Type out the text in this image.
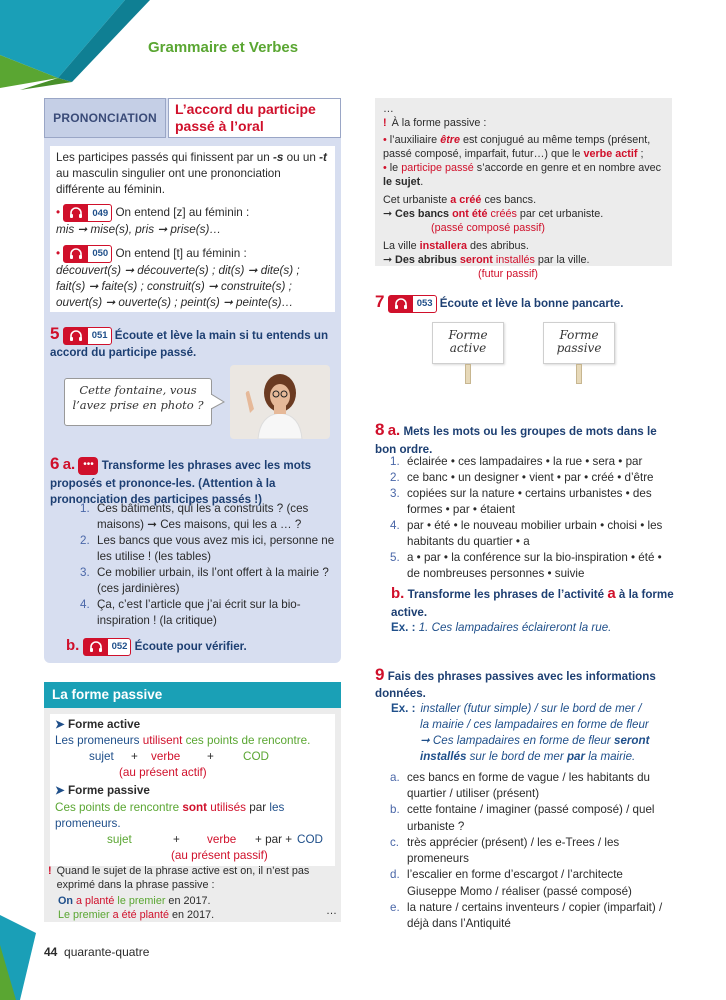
Grammaire et Verbes
PRONONCIATION
L’accord du participe passé à l’oral
Les participes passés qui finissent par un -s ou un -t au masculin singulier ont une prononciation différente au féminin.
•	049 On entend [z] au féminin :
mis ➞ mise(s), pris ➞ prise(s)…
•	050 On entend [t] au féminin :
découvert(s) ➞ découverte(s) ; dit(s) ➞ dite(s) ;
fait(s) ➞ faite(s) ; construit(s) ➞ construite(s) ;
ouvert(s) ➞ ouverte(s) ; peint(s) ➞ peinte(s)…
5	051 Écoute et lève la main si tu entends un accord du participe passé.
Cette fontaine, vous l’avez prise en photo ?
6 a. ••• Transforme les phrases avec les mots proposés et prononce-les. (Attention à la prononciation des participes passés !)
1. Ces bâtiments, qui les a construits ? (ces maisons) ➞ Ces maisons, qui les a … ?
2. Les bancs que vous avez mis ici, personne ne les utilise ! (les tables)
3. Ce mobilier urbain, ils l’ont offert à la mairie ? (ces jardinières)
4. Ça, c’est l’article que j’ai écrit sur la bio-inspiration ! (la critique)
b.	052 Écoute pour vérifier.
La forme passive
➤ Forme active
Les promeneurs utilisent ces points de rencontre.
sujet + verbe + COD
(au présent actif)
➤ Forme passive
Ces points de rencontre sont utilisés par les promeneurs.
sujet	+ verbe + par + COD
(au présent passif)
! Quand le sujet de la phrase active est on, il n’est pas exprimé dans la phrase passive :
On a planté le premier en 2017.
Le premier a été planté en 2017.	…
44 quarante-quatre
…
! À la forme passive :
• l’auxiliaire être est conjugué au même temps (présent, passé composé, imparfait, futur…) que le verbe actif ;
• le participe passé s’accorde en genre et en nombre avec le sujet.
Cet urbaniste a créé ces bancs.
➞ Ces bancs ont été créés par cet urbaniste.
(passé composé passif)
La ville installera des abribus.
➞ Des abribus seront installés par la ville.
(futur passif)
7	053 Écoute et lève la bonne pancarte.
Forme active
Forme passive
8 a. Mets les mots ou les groupes de mots dans le bon ordre.
1. éclairée • ces lampadaires • la rue • sera • par
2. ce banc • un designer • vient • par • créé • d’être
3. copiées sur la nature • certains urbanistes • des formes • par • étaient
4. par • été • le nouveau mobilier urbain • choisi • les habitants du quartier • a
5. a • par • la conférence sur la bio-inspiration • été • de nombreuses personnes • suivie
b. Transforme les phrases de l’activité a à la forme active.
Ex. : 1. Ces lampadaires éclaireront la rue.
9 Fais des phrases passives avec les informations données.
Ex. : installer (futur simple) / sur le bord de mer /
la mairie / ces lampadaires en forme de fleur
➞ Ces lampadaires en forme de fleur seront
installés sur le bord de mer par la mairie.
a. ces bancs en forme de vague / les habitants du quartier / utiliser (présent)
b. cette fontaine / imaginer (passé composé) / quel urbaniste ?
c. très apprécier (présent) / les e-Trees / les promeneurs
d. l’escalier en forme d’escargot / l’architecte Giuseppe Momo / réaliser (passé composé)
e. la nature / certains inventeurs / copier (imparfait) / déjà dans l’Antiquité
